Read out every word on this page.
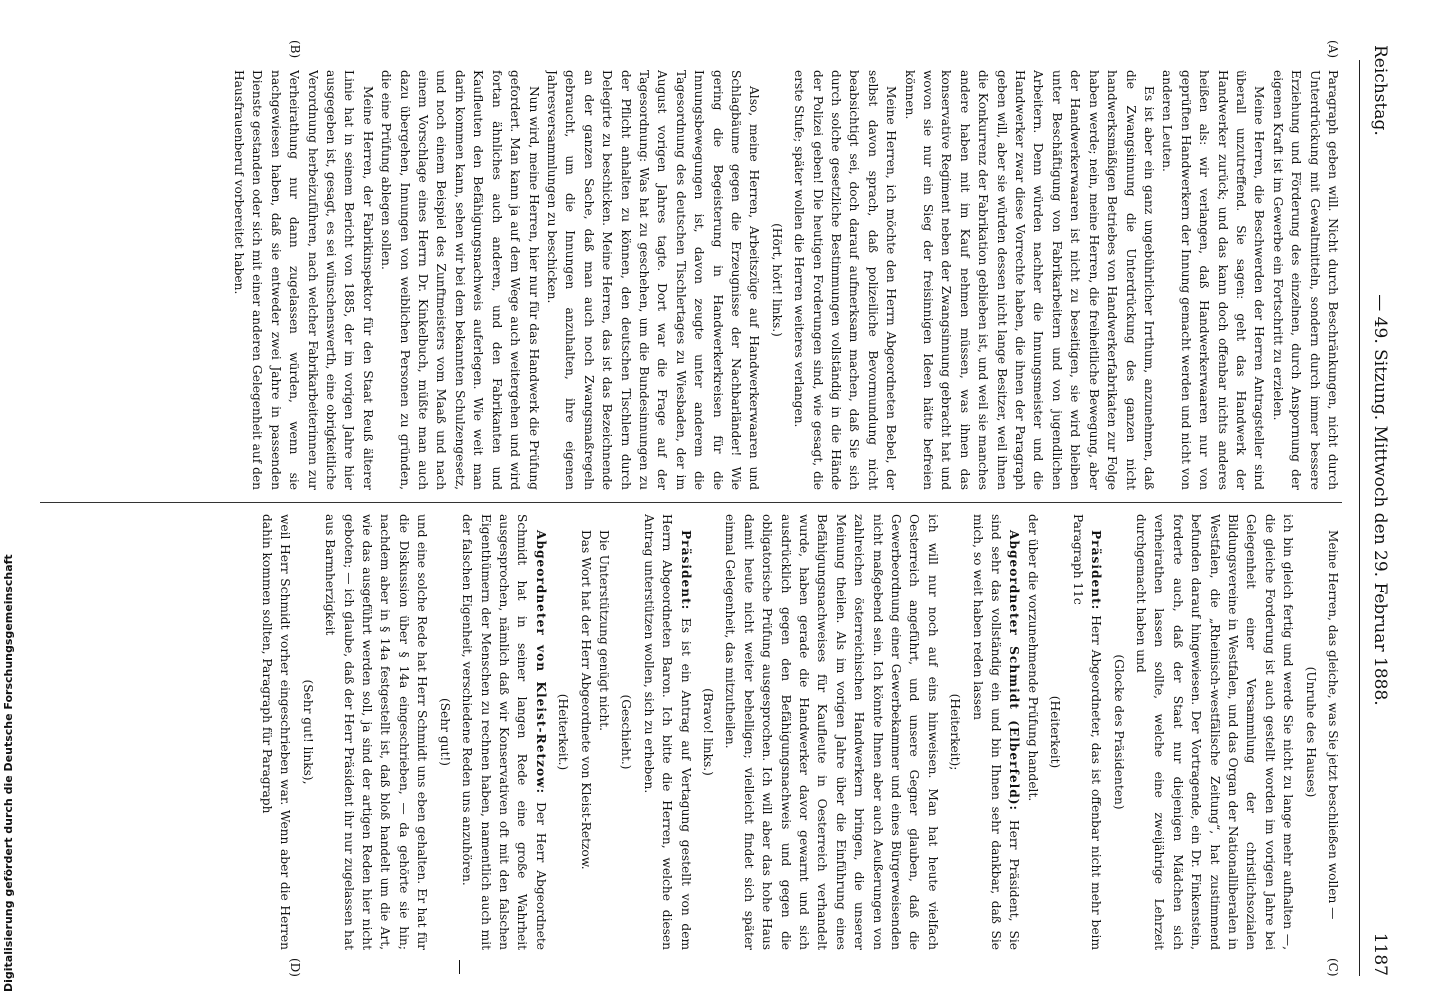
Reichstag.
— 49. Sitzung. Mittwoch den 29. Februar 1888.
1187
(A)
(B)
(C)
(D)

Paragraph geben will. Nicht durch Beschränkungen, nicht durch Unterdrückung mit Gewaltmitteln, sondern durch immer bessere Erziehung und Förderung des einzelnen, durch Anspornung der eigenen Kraft ist im Gewerbe ein Fortschritt zu erzielen.

Meine Herren, die Beschwerden der Herren Antragsteller sind überall unzutreffend. Sie sagen: geht das Handwerk der Handwerker zurück; und das kann doch offenbar nichts anderes heißen als: wir verlangen, daß Handwerkerwaaren nur von geprüften Handwerkern der Innung gemacht werden und nicht von anderen Leuten.

Es ist aber ein ganz ungebührlicher Irrthum, anzunehmen, daß die Zwangsinnung die Unterdrückung des ganzen nicht handwerksmäßigen Betriebes von Handwerkerfabrikaten zur Folge haben werde; nein, meine Herren, die freiheitliche Bewegung, aber der Handwerkerwaaren ist nicht zu beseitigen, sie wird bleiben unter Beschäftigung von Fabrikarbeitern und von jugendlichen Arbeitern. Denn würden nachher die Innungsmeister und die Handwerker zwar diese Vorrechte haben, die ihnen der Paragraph geben will, aber sie würden dessen nicht lange Besitzer, weil ihnen die Konkurrenz der Fabrikation geblieben ist, und weil sie manches andere haben mit im Kauf nehmen müssen, was ihnen das konservative Regiment neben der Zwangsinnung gebracht hat und wovon sie nur ein Sieg der freisinnigen Ideen hätte befreien können.

Meine Herren, ich möchte den Herrn Abgeordneten Bebel, der selbst davon sprach, daß polizeiliche Bevormundung nicht beabsichtigt sei, doch darauf aufmerksam machen, daß Sie sich durch solche gesetzliche Bestimmungen vollständig in die Hände der Polizei geben! Die heutigen Forderungen sind, wie gesagt, die erste Stufe; später wollen die Herren weiteres verlangen.

(Hört, hört! links.)

Also, meine Herren, Arbeitszüge auf Handwerkerwaaren und Schlagbäume gegen die Erzeugnisse der Nachbarländer! Wie gering die Begeisterung in Handwerkerkreisen für die Innungsbewegungen ist, davon zeugte unter anderem die Tagesordnung des deutschen Tischlertages zu Wiesbaden, der im August vorigen Jahres tagte. Dort war die Frage auf der Tagesordnung: Was hat zu geschehen, um die Bundesinnungen zu der Pflicht anhalten zu können, den deutschen Tischlern durch Delegirte zu beschicken. Meine Herren, das ist das Bezeichnende an der ganzen Sache, daß man auch noch Zwangsmaßregeln gebraucht, um die Innungen anzuhalten, ihre eigenen Jahresversammlungen zu beschicken.

Nun wird, meine Herren, hier nur für das Handwerk die Prüfung gefordert. Man kann ja auf dem Wege auch weitergehen und wird fortan ähnliches auch anderen, und den Fabrikanten und Kaufleuten den Befähigungsnachweis auferlegen. Wie weit man darin kommen kann, sehen wir bei dem bekannten Schulzengesetz, und noch einem Beispiel des Zunftmeisters vom Maaß und nach einem Vorschlage eines Herrn Dr. Kinkelbuch, müßte man auch dazu übergehen, Innungen von weiblichen Personen zu gründen, die eine Prüfung ablegen sollen.

Meine Herren, der Fabrikinspektor für den Staat Reuß älterer Linie hat in seinem Bericht von 1885, der im vorigen Jahre hier ausgegeben ist, gesagt, es sei wünschenswerth, eine obrigkeitliche Verordnung herbeizuführen, nach welcher Fabrikarbeiterinnen zur Verheirathung nur dann zugelassen würden, wenn sie nachgewiesen haben, daß sie entweder zwei Jahre in passenden Dienste gestanden oder sich mit einer anderen Gelegenheit auf den Hausfrauenberuf vorbereitet haben.

Meine Herren, das gleiche, was Sie jetzt beschließen wollen —

(Unruhe des Hauses)

ich bin gleich fertig und werde Sie nicht zu lange mehr aufhalten —, die gleiche Forderung ist auch gestellt worden im vorigen Jahre bei Gelegenheit einer Versammlung der christlichsozialen Bildungsvereine in Westfalen, und das Organ der Nationalliberalen in Westfalen, die „Rheinisch-westfälische Zeitung“, hat zustimmend befunden darauf hingewiesen. Der Vortragende, ein Dr. Finkenstein, forderte auch, daß der Staat nur diejenigen Mädchen sich verheirathen lassen sollte, welche eine zweijährige Lehrzeit durchgemacht haben und

(Glocke des Präsidenten)

Präsident: Herr Abgeordneter, das ist offenbar nicht mehr beim Paragraph 11c

(Heiterkeit)

der über die vorzunehmende Prüfung handelt.

Abgeordneter Schmidt (Elberfeld): Herr Präsident, Sie sind sehr das vollständig ein und bin Ihnen sehr dankbar, daß Sie mich, so weit haben reden lassen

(Heiterkeit);

ich will nur noch auf eins hinweisen. Man hat heute vielfach Oesterreich angeführt, und unsere Gegner glauben, daß die Gewerbeordnung einer Gewerbekammer und eines Bürgerweisenden nicht maßgebend sein. Ich könnte Ihnen aber auch Aeußerungen von zahlreichen österreichischen Handwerkern bringen, die unserer Meinung theilen. Als im vorigen Jahre über die Einführung eines Befähigungsnachweises für Kaufleute in Oesterreich verhandelt wurde, haben gerade die Handwerker davor gewarnt und sich ausdrücklich gegen den Befähigungsnachweis und gegen die obligatorische Prüfung ausgesprochen. Ich will aber das hohe Haus damit heute nicht weiter behelligen; vielleicht findet sich später einmal Gelegenheit, das mitzutheilen.

(Bravo! links.)

Präsident: Es ist ein Antrag auf Vertagung gestellt von dem Herrn Abgeordneten Baron. Ich bitte die Herren, welche diesen Antrag unterstützen wollen, sich zu erheben.

(Geschieht.)

Die Unterstützung genügt nicht.

Das Wort hat der Herr Abgeordnete von Kleist-Retzow.

(Heiterkeit.)

Abgeordneter von Kleist-Retzow: Der Herr Abgeordnete Schmidt hat in seiner langen Rede eine große Wahrheit ausgesprochen, nämlich daß wir Konservativen oft mit den falschen Eigenthümern der Menschen zu rechnen haben, namentlich auch mit der falschen Eigenheit, verschiedene Reden uns anzuhören.

(Sehr gut!)

und eine solche Rede hat Herr Schmidt uns eben gehalten. Er hat für die Diskussion über § 14a eingeschrieben, — da gehörte sie hin; nachdem aber in § 14a festgestellt ist, daß bloß handelt um die Art, wie das ausgeführt werden soll, ja sind der artigen Reden hier nicht geboten; — ich glaube, daß der Herr Präsident ihr nur zugelassen hat aus Barmherzigkeit

(Sehr gut! links),

weil Herr Schmidt vorher eingeschrieben war. Wenn aber die Herren dahin kommen sollten, Paragraph für Paragraph

Digitalisierung gefördert durch die Deutsche Forschungsgemeinschaft
